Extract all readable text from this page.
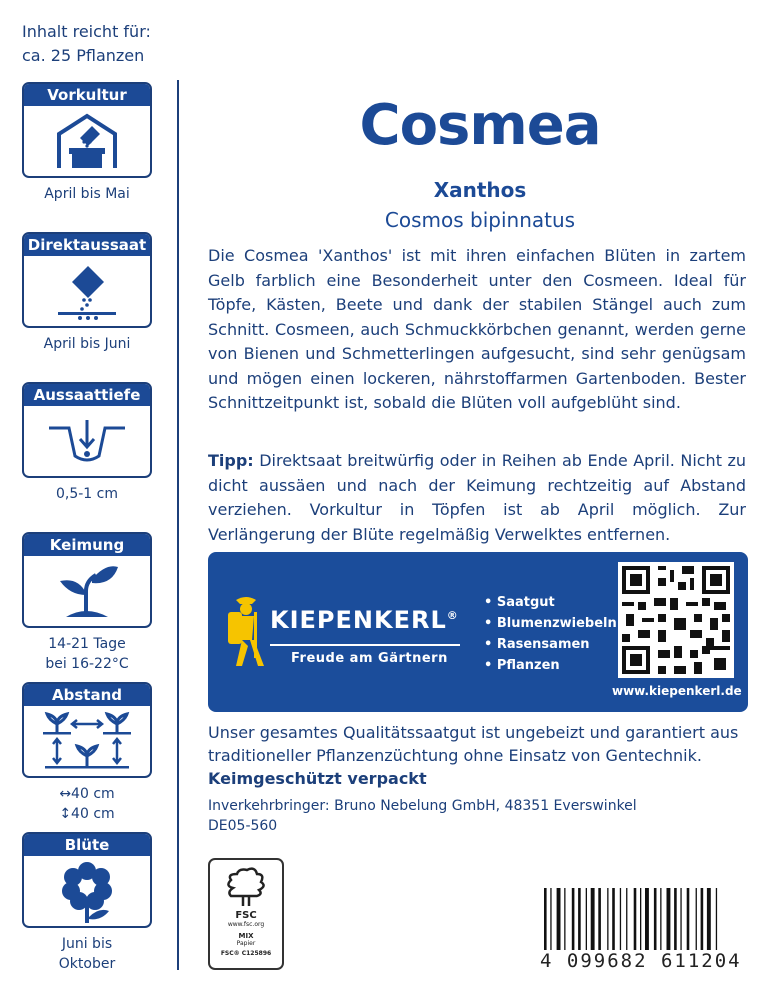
Inhalt reicht für:
ca. 25 Pflanzen
Vorkultur
April bis Mai
Direktaussaat
April bis Juni
Aussaattiefe
0,5-1 cm
Keimung
14-21 Tage
bei 16-22°C
Abstand
↔40 cm
↕40 cm
Blüte
Juni bis
Oktober
Cosmea
Xanthos
Cosmos bipinnatus
Die Cosmea 'Xanthos' ist mit ihren einfachen Blüten in zartem Gelb farblich eine Besonderheit unter den Cosmeen. Ideal für Töpfe, Kästen, Beete und dank der stabilen Stängel auch zum Schnitt. Cosmeen, auch Schmuckkörbchen genannt, werden gerne von Bienen und Schmetterlingen aufgesucht, sind sehr genügsam und mögen einen lockeren, nährstoffarmen Gartenboden. Bester Schnittzeitpunkt ist, sobald die Blüten voll aufgeblüht sind.
Tipp: Direktsaat breitwürfig oder in Reihen ab Ende April. Nicht zu dicht aussäen und nach der Keimung rechtzeitig auf Abstand verziehen. Vorkultur in Töpfen ist ab April möglich. Zur Verlängerung der Blüte regelmäßig Verwelktes entfernen.
KIEPENKERL®
Freude am Gärtnern
• Saatgut
• Blumenzwiebeln
• Rasensamen
• Pflanzen
www.kiepenkerl.de
Unser gesamtes Qualitätssaatgut ist ungebeizt und garantiert aus traditioneller Pflanzenzüchtung ohne Einsatz von Gentechnik.
Keimgeschützt verpackt
Inverkehrbringer: Bruno Nebelung GmbH, 48351 Everswinkel
DE05-560
FSC
www.fsc.org
MIX
Papier
FSC® C125896	4 099682 611204
